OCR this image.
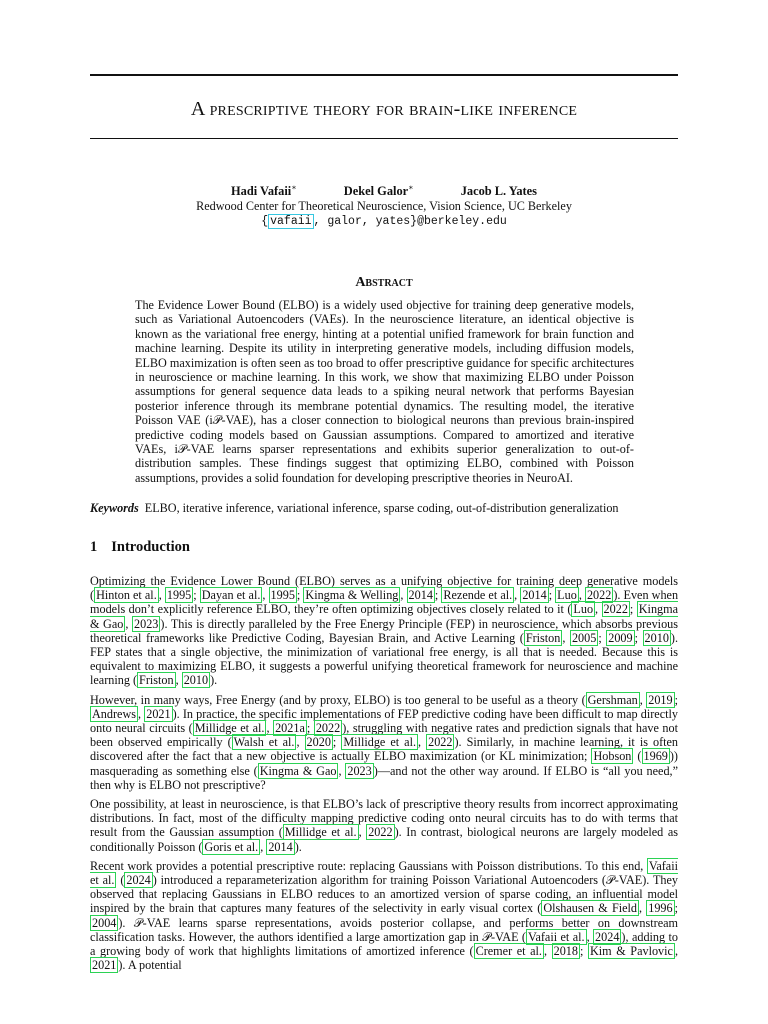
A prescriptive theory for brain-like inference
Hadi Vafaii∗	Dekel Galor∗	Jacob L. Yates
Redwood Center for Theoretical Neuroscience, Vision Science, UC Berkeley
{ vafaii , galor, yates}@berkeley.edu
Abstract
The Evidence Lower Bound (ELBO) is a widely used objective for training deep generative models, such as Variational Autoencoders (VAEs). In the neuroscience literature, an identical objective is known as the variational free energy, hinting at a potential unified framework for brain function and machine learning. Despite its utility in interpreting generative models, including diffusion models, ELBO maximization is often seen as too broad to offer prescriptive guidance for specific architectures in neuroscience or machine learning. In this work, we show that maximizing ELBO under Poisson assumptions for general sequence data leads to a spiking neural network that performs Bayesian posterior inference through its membrane potential dynamics. The resulting model, the iterative Poisson VAE (i𝒫-VAE), has a closer connection to biological neurons than previous brain-inspired predictive coding models based on Gaussian assumptions. Compared to amortized and iterative VAEs, i𝒫-VAE learns sparser representations and exhibits superior generalization to out-of-distribution samples. These findings suggest that optimizing ELBO, combined with Poisson assumptions, provides a solid foundation for developing prescriptive theories in NeuroAI.
Keywords ELBO, iterative inference, variational inference, sparse coding, out-of-distribution generalization
1 Introduction

Optimizing the Evidence Lower Bound (ELBO) serves as a unifying objective for training deep generative models ( Hinton et al. , 1995 ; Dayan et al. , 1995 ; Kingma & Welling , 2014 ; Rezende et al. , 2014 ; Luo , 2022 ). Even when models don’t explicitly reference ELBO, they’re often optimizing objectives closely related to it ( Luo , 2022 ; Kingma & Gao , 2023 ). This is directly paralleled by the Free Energy Principle (FEP) in neuroscience, which absorbs previous theoretical frameworks like Predictive Coding, Bayesian Brain, and Active Learning ( Friston , 2005 ; 2009 ; 2010 ). FEP states that a single objective, the minimization of variational free energy, is all that is needed. Because this is equivalent to maximizing ELBO, it suggests a powerful unifying theoretical framework for neuroscience and machine learning ( Friston , 2010 ).

However, in many ways, Free Energy (and by proxy, ELBO) is too general to be useful as a theory ( Gershman , 2019 ; Andrews , 2021 ). In practice, the specific implementations of FEP predictive coding have been difficult to map directly onto neural circuits ( Millidge et al. , 2021a ; 2022 ), struggling with negative rates and prediction signals that have not been observed empirically ( Walsh et al. , 2020 ; Millidge et al. , 2022 ). Similarly, in machine learning, it is often discovered after the fact that a new objective is actually ELBO maximization (or KL minimization; Hobson ( 1969 )) masquerading as something else ( Kingma & Gao , 2023 )—and not the other way around. If ELBO is “all you need,” then why is ELBO not prescriptive?

One possibility, at least in neuroscience, is that ELBO’s lack of prescriptive theory results from incorrect approximating distributions. In fact, most of the difficulty mapping predictive coding onto neural circuits has to do with terms that result from the Gaussian assumption ( Millidge et al. , 2022 ). In contrast, biological neurons are largely modeled as conditionally Poisson ( Goris et al. , 2014 ).

Recent work provides a potential prescriptive route: replacing Gaussians with Poisson distributions. To this end, Vafaii et al. ( 2024 ) introduced a reparameterization algorithm for training Poisson Variational Autoencoders (𝒫-VAE). They observed that replacing Gaussians in ELBO reduces to an amortized version of sparse coding, an influential model inspired by the brain that captures many features of the selectivity in early visual cortex ( Olshausen & Field , 1996 ; 2004 ). 𝒫-VAE learns sparse representations, avoids posterior collapse, and performs better on downstream classification tasks. However, the authors identified a large amortization gap in 𝒫-VAE ( Vafaii et al. , 2024 ), adding to a growing body of work that highlights limitations of amortized inference ( Cremer et al. , 2018 ; Kim & Pavlovic , 2021 ). A potential
